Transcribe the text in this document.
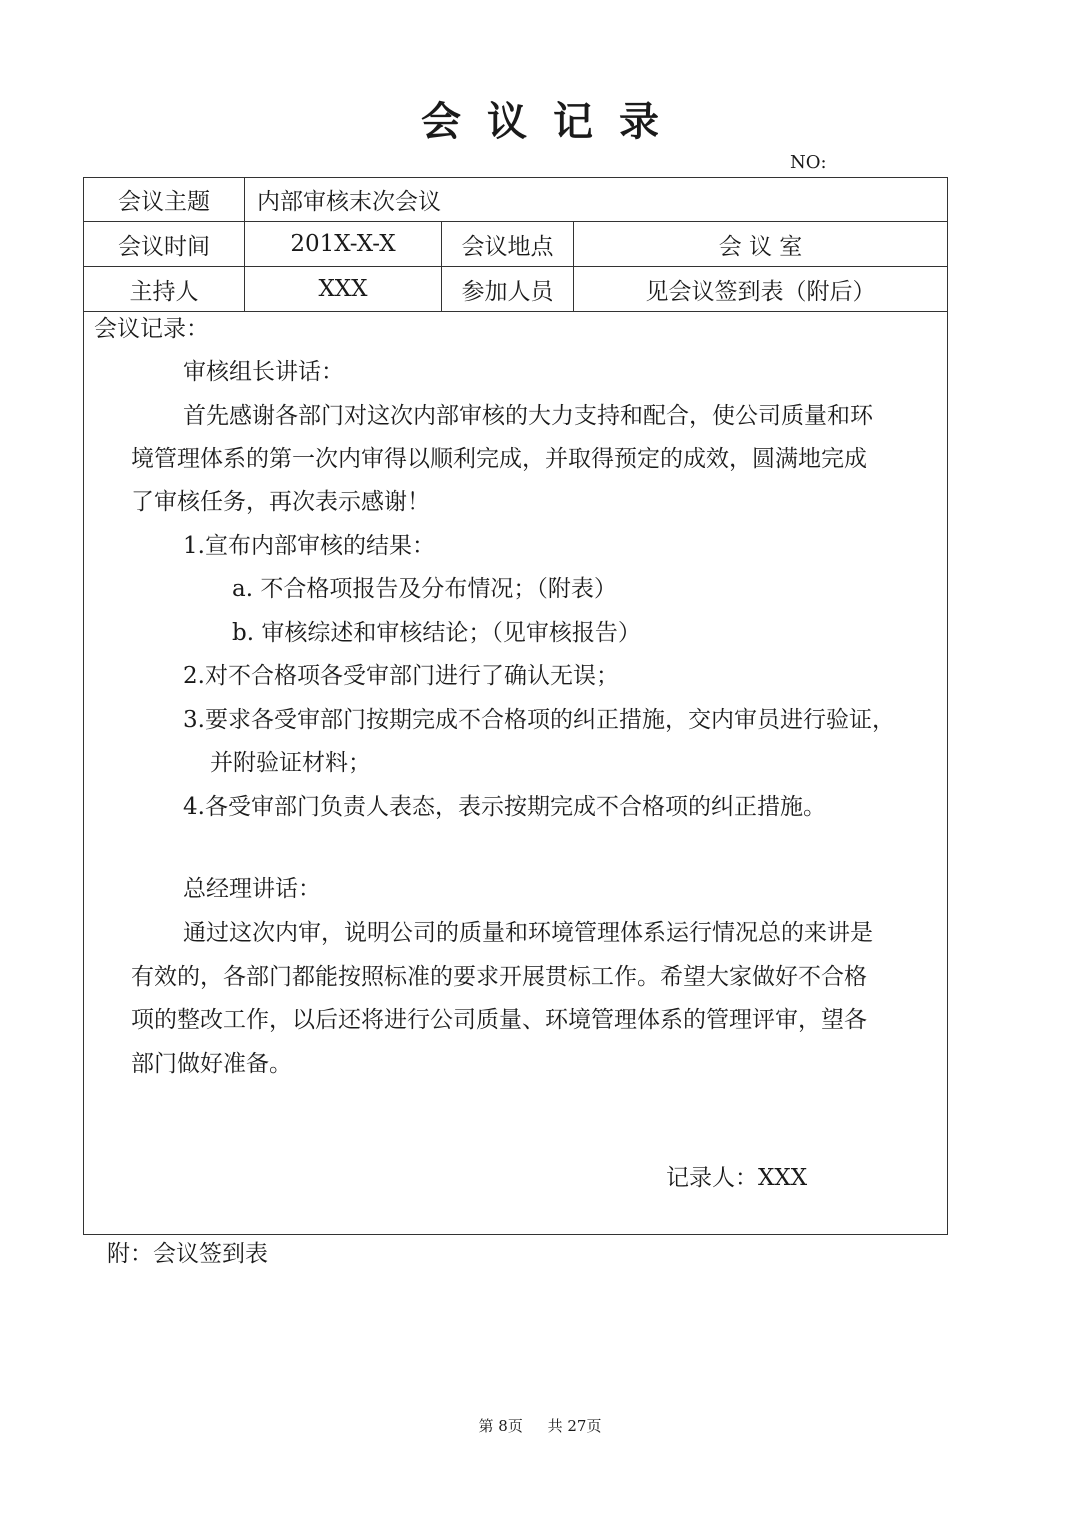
会议记录
NO:
会议主题	内部审核末次会议
会议时间	201X-X-X	会议地点	会 议 室
主持人	XXX	参加人员	见会议签到表（附后）
会议记录：
审核组长讲话：
首先感谢各部门对这次内部审核的大力支持和配合，使公司质量和环
境管理体系的第一次内审得以顺利完成，并取得预定的成效，圆满地完成
了审核任务，再次表示感谢！
1.宣布内部审核的结果：
a. 不合格项报告及分布情况；（附表）
b. 审核综述和审核结论；（见审核报告）
2.对不合格项各受审部门进行了确认无误；
3.要求各受审部门按期完成不合格项的纠正措施，交内审员进行验证，
并附验证材料；
4.各受审部门负责人表态，表示按期完成不合格项的纠正措施。
总经理讲话：
通过这次内审，说明公司的质量和环境管理体系运行情况总的来讲是
有效的，各部门都能按照标准的要求开展贯标工作。希望大家做好不合格
项的整改工作，以后还将进行公司质量、环境管理体系的管理评审，望各
部门做好准备。
记录人：XXX
附：会议签到表
第 8页 共 27页
